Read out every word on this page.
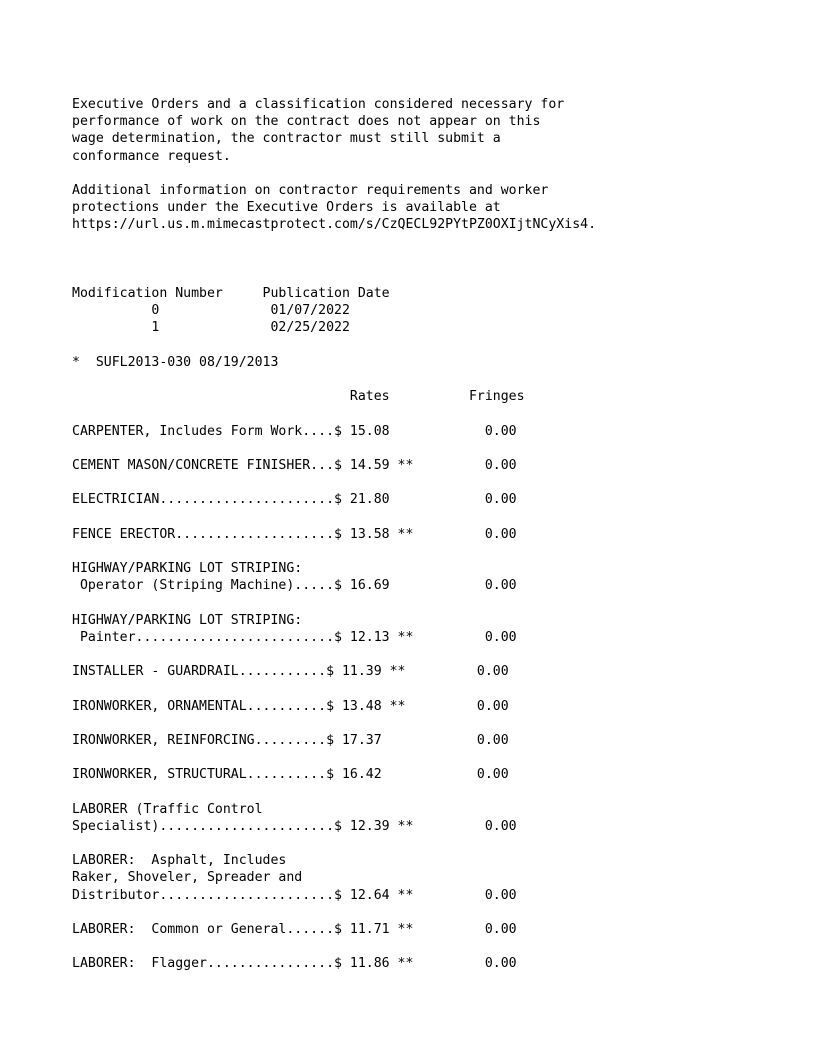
Executive Orders and a classification considered necessary for
performance of work on the contract does not appear on this
wage determination, the contractor must still submit a
conformance request.
Additional information on contractor requirements and worker
protections under the Executive Orders is available at
https://url.us.m.mimecastprotect.com/s/CzQECL92PYtPZ0OXIjtNCyXis4.
Modification Number     Publication Date
0              01/07/2022
1              02/25/2022
*  SUFL2013-030 08/19/2013
Rates          Fringes
CARPENTER, Includes Form Work....$ 15.08            0.00
CEMENT MASON/CONCRETE FINISHER...$ 14.59 **         0.00
ELECTRICIAN......................$ 21.80            0.00
FENCE ERECTOR....................$ 13.58 **         0.00
HIGHWAY/PARKING LOT STRIPING:
Operator (Striping Machine).....$ 16.69            0.00
HIGHWAY/PARKING LOT STRIPING:
Painter.........................$ 12.13 **         0.00
INSTALLER - GUARDRAIL...........$ 11.39 **         0.00
IRONWORKER, ORNAMENTAL..........$ 13.48 **         0.00
IRONWORKER, REINFORCING.........$ 17.37            0.00
IRONWORKER, STRUCTURAL..........$ 16.42            0.00
LABORER (Traffic Control
Specialist)......................$ 12.39 **         0.00
LABORER:  Asphalt, Includes
Raker, Shoveler, Spreader and
Distributor......................$ 12.64 **         0.00
LABORER:  Common or General......$ 11.71 **         0.00
LABORER:  Flagger................$ 11.86 **         0.00
